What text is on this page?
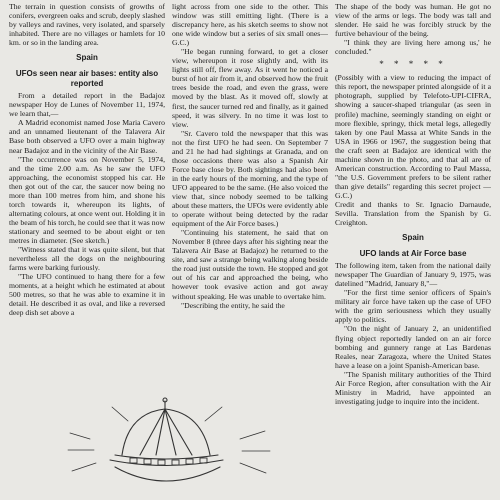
The terrain in question consists of growths of conifers, evergreen oaks and scrub, deeply slashed by valleys and ravines, very isolated, and sparsely inhabited. There are no villages or hamlets for 10 km. or so in the landing area.

Spain
UFOs seen near air bases: entity also reported

From a detailed report in the Badajoz newspaper Hoy de Lunes of November 11, 1974, we learn that,—

A Madrid economist named Jose Maria Cavero and an unnamed lieutenant of the Talavera Air Base both observed a UFO over a main highway near Badajoz and in the vicinity of the Air Base.

"The occurrence was on November 5, 1974, and the time 2.00 a.m. As he saw the UFO approaching, the economist stopped his car. He then got out of the car, the saucer now being no more than 100 metres from him, and shone his torch towards it, whereupon its lights, of alternating colours, at once went out. Holding it in the beam of his torch, he could see that it was now stationary and seemed to be about eight or ten metres in diameter. (See sketch.)

"Witness stated that it was quite silent, but that nevertheless all the dogs on the neighbouring farms were barking furiously.

"The UFO continued to hang there for a few moments, at a height which he estimated at about 500 metres, so that he was able to examine it in detail. He described it as oval, and like a reversed deep dish set above a

light across from one side to the other. This window was still emitting light. (There is a discrepancy here, as his sketch seems to show not one wide window but a series of six small ones—G.C.)

"He began running forward, to get a closer view, whereupon it rose slightly and, with its lights still off, flew away. As it went he noticed a burst of hot air from it, and observed how the fruit trees beside the road, and even the grass, were moved by the blast. As it moved off, slowly at first, the saucer turned red and finally, as it gained speed, it was silvery. In no time it was lost to view.

"Sr. Cavero told the newspaper that this was not the first UFO he had seen. On September 7 and 21 he had had sightings at Granada, and on those occasions there was also a Spanish Air Force base close by. Both sightings had also been in the early hours of the morning, and the type of UFO appeared to be the same. (He also voiced the view that, since nobody seemed to be talking about these matters, the UFOs were evidently able to operate without being detected by the radar equipment of the Air Force bases.)

"Continuing his statement, he said that on November 8 (three days after his sighting near the Talavera Air Base at Badajoz) he returned to the site, and saw a strange being walking along beside the road just outside the town. He stopped and got out of his car and approached the being, who however took evasive action and got away without speaking. He was unable to overtake him.

"Describing the entity, he said the

The shape of the body was human. He got no view of the arms or legs. The body was tall and slender. He said he was forcibly struck by the furtive behaviour of the being.

"I think they are living here among us,' he concluded."

* * * * *

(Possibly with a view to reducing the impact of this report, the newspaper printed alongside of it a photograph, supplied by Telefoto-UPI-CIFRA, showing a saucer-shaped triangular (as seen in profile) machine, seemingly standing on eight or more flexible, springy, thick metal legs, allegedly taken by one Paul Massa at White Sands in the USA in 1966 or 1967, the suggestion being that the craft seen at Badajoz are identical with the machine shown in the photo, and that all are of American construction. According to Paul Massa, "the U.S. Government prefers to be silent rather than give details" regarding this secret project —G.C.)

Credit and thanks to Sr. Ignacio Darnaude, Sevilla. Translation from the Spanish by G. Creighton.

Spain
UFO lands at Air Force base

The following item, taken from the national daily newspaper The Guardian of January 9, 1975, was datelined "Madrid, January 8,"—

"For the first time senior officers of Spain's military air force have taken up the case of UFO with the grim seriousness which they usually apply to politics.

"On the night of January 2, an unidentified flying object reportedly landed on an air force bombing and gunnery range at Las Bardenas Reales, near Zaragoza, where the United States have a lease on a joint Spanish-American base.

"The Spanish military authorities of the Third Air Force Region, after consultation with the Air Ministry in Madrid, have appointed an investigating judge to inquire into the incident.
